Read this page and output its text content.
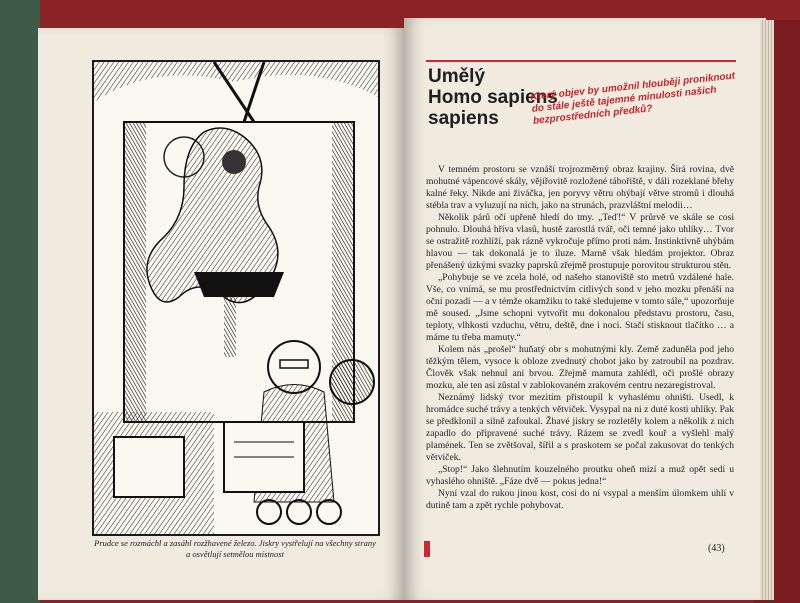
Prudce se rozmáchl a zasáhl rozžhavené železo. Jiskry vystřelují na všechny strany
a osvětlují setmělou místnost
Umělý
Homo sapiens
sapiens
Který objev by umožnil hlouběji proniknout do stále ještě tajemné minulosti našich bezprostředních předků?

V temném prostoru se vznáší trojrozměrný obraz krajiny. Širá rovina, dvě mohutné vápencové skály, vějířovitě rozložené tábořiště, v dáli rozeklané břehy kalné řeky. Nikde ani živáčka, jen poryvy větru ohýbají větve stromů i dlouhá stébla trav a vyluzují na nich, jako na strunách, prazvláštní melodii…

Několik párů očí upřeně hledí do tmy. „Teď!“ V průrvě ve skále se cosi pohnulo. Dlouhá hříva vlasů, hustě zarostlá tvář, oči temné jako uhlíky… Tvor se ostražitě rozhlíží, pak rázně vykročuje přímo proti nám. Instinktivně uhýbám hlavou — tak dokonalá je to iluze. Marně však hledám projektor. Obraz přenášený úzkými svazky paprsků zřejmě prostupuje porovitou strukturou stěn.

„Pohybuje se ve zcela holé, od našeho stanoviště sto metrů vzdálené hale. Vše, co vnímá, se mu prostřednictvím citlivých sond v jeho mozku přenáší na oční pozadí — a v témže okamžiku to také sledujeme v tomto sále,“ upozorňuje mě soused. „Jsme schopni vytvořit mu dokonalou představu prostoru, času, teploty, vlhkosti vzduchu, větru, deště, dne i noci. Stačí stisknout tlačítko … a máme tu třeba mamuty.“

Kolem nás „prošel“ huňatý obr s mohutnými kly. Země zaduněla pod jeho těžkým tělem, vysoce k obloze zvednutý chobot jako by zatroubil na pozdrav. Člověk však nehnul ani brvou. Zřejmě mamuta zahlédl, oči prošlé obrazy mozku, ale ten asi zůstal v zablokovaném zrakovém centru nezaregistroval.

Neznámý lidský tvor mezitím přistoupil k vyhaslému ohništi. Usedl, k hromádce suché trávy a tenkých větviček. Vysypal na ni z duté kosti uhlíky. Pak se předklonil a silně zafoukal. Žhavé jiskry se rozletěly kolem a několik z nich zapadlo do připravené suché trávy. Rázem se zvedl kouř a vyšlehl malý plamének. Ten se zvětšoval, šířil a s praskotem se počal zakusovat do tenkých větviček.

„Stop!“ Jako šlehnutím kouzelného proutku oheň mizí a muž opět sedí u vyhaslého ohniště. „Fáze dvě — pokus jedna!“

Nyní vzal do rukou jinou kost, cosi do ní vsypal a menším úlomkem uhlí v dutině tam a zpět rychle pohybovat.

(43)
